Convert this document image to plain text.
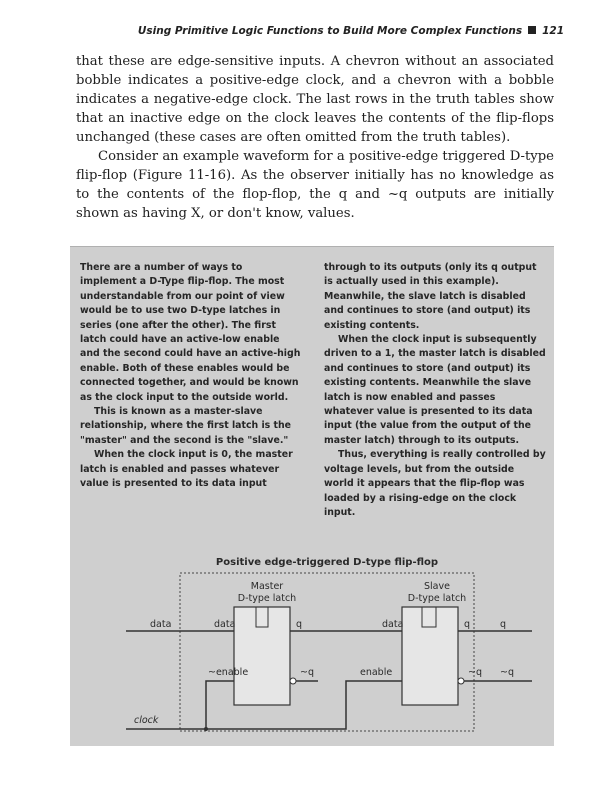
Using Primitive Logic Functions to Build More Complex Functions 121

that these are edge-sensitive inputs. A chevron without an associated bobble indicates a positive-edge clock, and a chevron with a bobble indicates a negative-edge clock. The last rows in the truth tables show that an inactive edge on the clock leaves the contents of the flip-flops unchanged (these cases are often omitted from the truth tables).

Consider an example waveform for a positive-edge triggered D-type flip-flop (Figure 11-16). As the observer initially has no knowledge as to the contents of the flop-flop, the q and ~q outputs are initially shown as having X, or don't know, values.

There are a number of ways to implement a D-Type flip-flop. The most understandable from our point of view would be to use two D-type latches in series (one after the other). The first latch could have an active-low enable and the second could have an active-high enable. Both of these enables would be connected together, and would be known as the clock input to the outside world.

This is known as a master-slave relationship, where the first latch is the "master" and the second is the "slave."

When the clock input is 0, the master latch is enabled and passes whatever value is presented to its data input

through to its outputs (only its q output is actually used in this example). Meanwhile, the slave latch is disabled and continues to store (and output) its existing contents.

When the clock input is subsequently driven to a 1, the master latch is disabled and continues to store (and output) its existing contents. Meanwhile the slave latch is now enabled and passes whatever value is presented to its data input (the value from the output of the master latch) through to its outputs.

Thus, everything is really controlled by voltage levels, but from the outside world it appears that the flip-flop was loaded by a rising-edge on the clock input.

Positive edge-triggered D-type flip-flop
Master
D-type latch
Slave
D-type latch
data	data	q	data
~q
q	q
~q ~q
~enable	enable
clock
